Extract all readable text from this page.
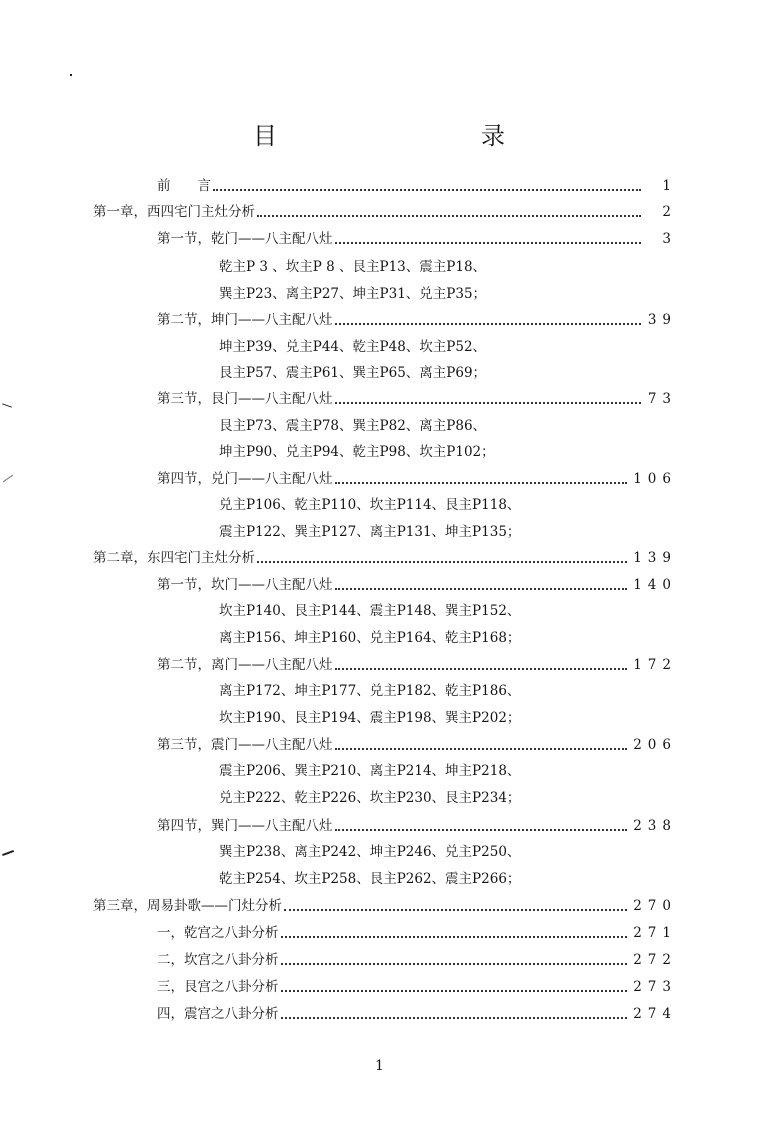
目	录
前　　言	1
第一章，西四宅门主灶分析	2
第一节，乾门——八主配八灶	3
乾主P 3 、坎主P 8 、艮主P13、震主P18、
巽主P23、离主P27、坤主P31、兑主P35；
第二节，坤门——八主配八灶	39
坤主P39、兑主P44、乾主P48、坎主P52、
艮主P57、震主P61、巽主P65、离主P69；
第三节，艮门——八主配八灶	73
艮主P73、震主P78、巽主P82、离主P86、
坤主P90、兑主P94、乾主P98、坎主P102；
第四节，兑门——八主配八灶	106
兑主P106、乾主P110、坎主P114、艮主P118、
震主P122、巽主P127、离主P131、坤主P135；
第二章，东四宅门主灶分析	139
第一节，坎门——八主配八灶	140
坎主P140、艮主P144、震主P148、巽主P152、
离主P156、坤主P160、兑主P164、乾主P168；
第二节，离门——八主配八灶	172
离主P172、坤主P177、兑主P182、乾主P186、
坎主P190、艮主P194、震主P198、巽主P202；
第三节，震门——八主配八灶	206
震主P206、巽主P210、离主P214、坤主P218、
兑主P222、乾主P226、坎主P230、艮主P234；
第四节，巽门——八主配八灶	238
巽主P238、离主P242、坤主P246、兑主P250、
乾主P254、坎主P258、艮主P262、震主P266；
第三章，周易卦歌——门灶分析	270
一，乾宫之八卦分析	271
二，坎宫之八卦分析	272
三，艮宫之八卦分析	273
四，震宫之八卦分析	274
1
